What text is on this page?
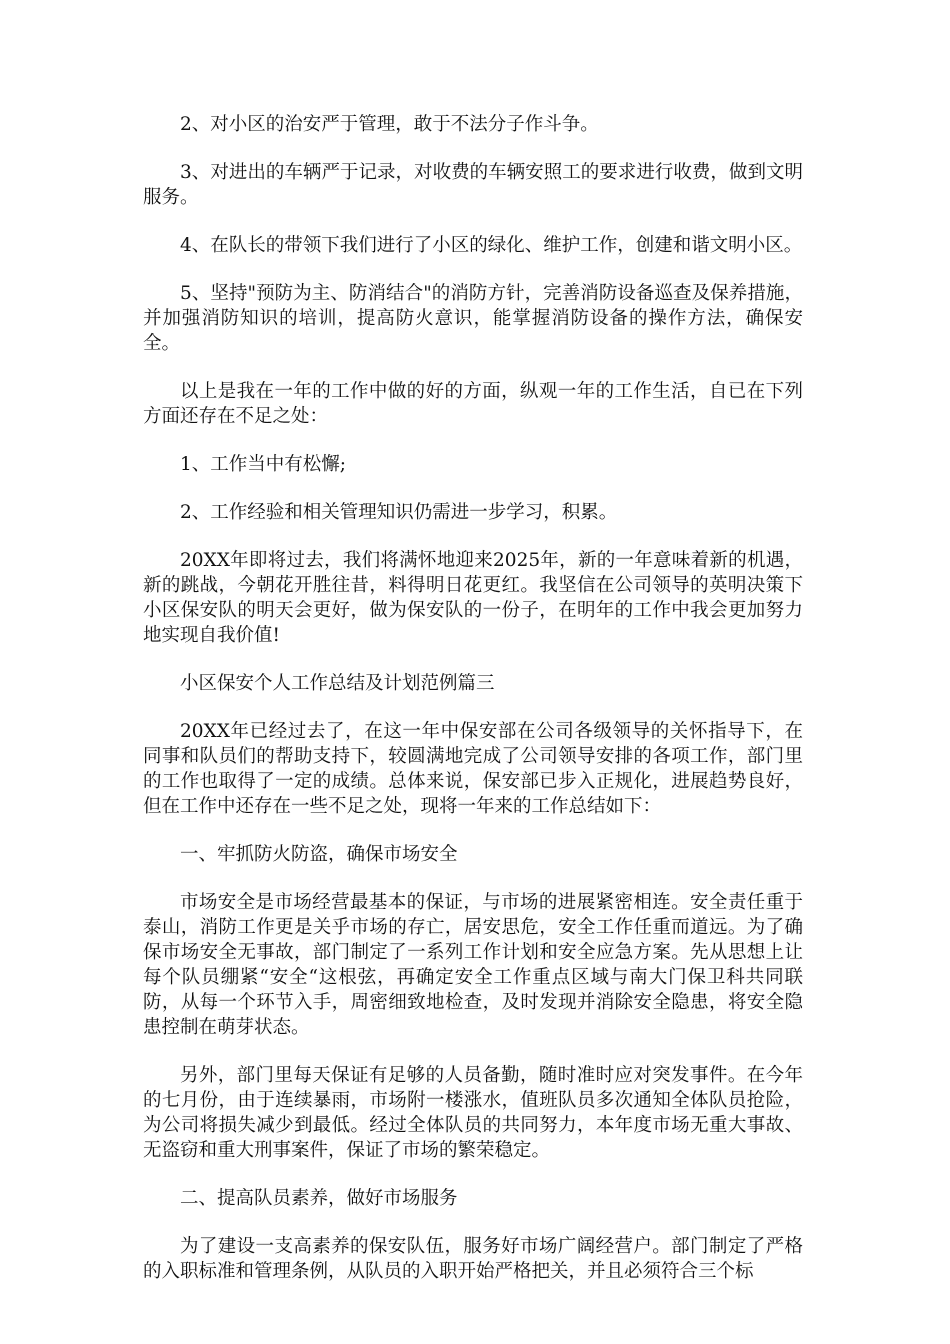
2、对小区的治安严于管理，敢于不法分子作斗争。

3、对进出的车辆严于记录，对收费的车辆安照工的要求进行收费，做到文明服务。

4、在队长的带领下我们进行了小区的绿化、维护工作，创建和谐文明小区。

5、坚持"预防为主、防消结合"的消防方针，完善消防设备巡查及保养措施，并加强消防知识的培训，提高防火意识，能掌握消防设备的操作方法，确保安全。

以上是我在一年的工作中做的好的方面，纵观一年的工作生活，自已在下列方面还存在不足之处：

1、工作当中有松懈;

2、工作经验和相关管理知识仍需进一步学习，积累。

20XX年即将过去，我们将满怀地迎来2025年，新的一年意味着新的机遇，新的跳战，今朝花开胜往昔，料得明日花更红。我坚信在公司领导的英明决策下小区保安队的明天会更好，做为保安队的一份子，在明年的工作中我会更加努力地实现自我价值!

小区保安个人工作总结及计划范例篇三

20XX年已经过去了，在这一年中保安部在公司各级领导的关怀指导下，在同事和队员们的帮助支持下，较圆满地完成了公司领导安排的各项工作，部门里的工作也取得了一定的成绩。总体来说，保安部已步入正规化，进展趋势良好，但在工作中还存在一些不足之处，现将一年来的工作总结如下：

一、牢抓防火防盗，确保市场安全

市场安全是市场经营最基本的保证，与市场的进展紧密相连。安全责任重于泰山，消防工作更是关乎市场的存亡，居安思危，安全工作任重而道远。为了确保市场安全无事故，部门制定了一系列工作计划和安全应急方案。先从思想上让每个队员绷紧“安全“这根弦，再确定安全工作重点区域与南大门保卫科共同联防，从每一个环节入手，周密细致地检查，及时发现并消除安全隐患，将安全隐患控制在萌芽状态。

另外，部门里每天保证有足够的人员备勤，随时准时应对突发事件。在今年的七月份，由于连续暴雨，市场附一楼涨水，值班队员多次通知全体队员抢险，为公司将损失减少到最低。经过全体队员的共同努力，本年度市场无重大事故、无盗窃和重大刑事案件，保证了市场的繁荣稳定。

二、提高队员素养，做好市场服务

为了建设一支高素养的保安队伍，服务好市场广阔经营户。部门制定了严格的入职标准和管理条例，从队员的入职开始严格把关，并且必须符合三个标
